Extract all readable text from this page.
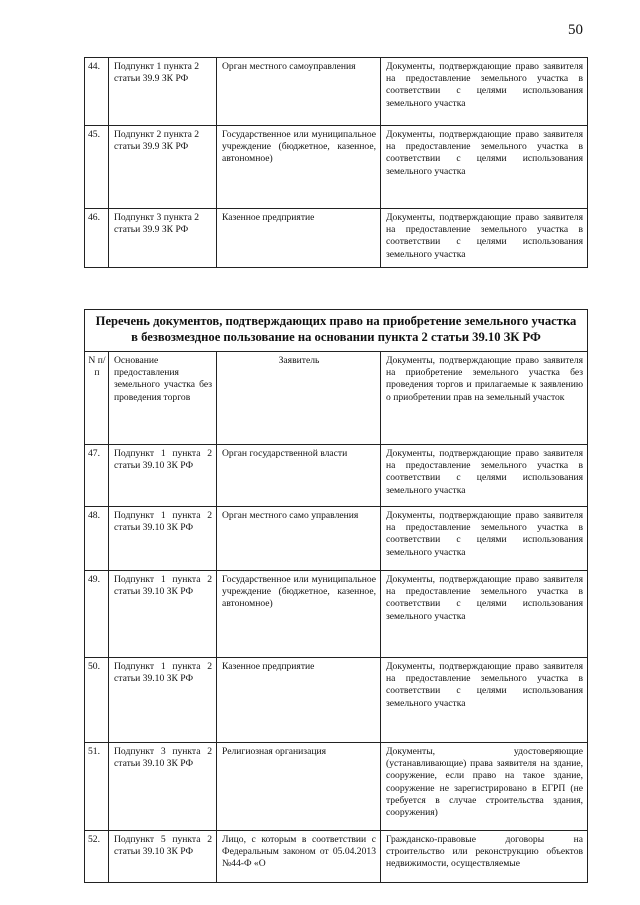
50
44.	Подпункт 1 пункта 2 статьи 39.9 ЗК РФ	Орган местного самоуправления	Документы, подтверждающие право заявителя на предоставление земельного участка в соответствии с целями использования земельного участка
45.	Подпункт 2 пункта 2 статьи 39.9 ЗК РФ	Государственное или муниципальное учреждение (бюджетное, казенное, автономное)	Документы, подтверждающие право заявителя на предоставление земельного участка в соответствии с целями использования земельного участка
46.	Подпункт 3 пункта 2 статьи 39.9 ЗК РФ	Казенное предприятие	Документы, подтверждающие право заявителя на предоставление земельного участка в соответствии с целями использования земельного участка
Перечень документов, подтверждающих право на приобретение земельного участка в безвозмездное пользование на основании пункта 2 статьи 39.10 ЗК РФ			
N п/п	Основание предоставления земельного участка без проведения торгов	Заявитель	Документы, подтверждающие право заявителя на приобретение земельного участка без проведения торгов и прилагаемые к заявлению о приобретении прав на земельный участок
47.	Подпункт 1 пункта 2 статьи 39.10 ЗК РФ	Орган государственной власти	Документы, подтверждающие право заявителя на предоставление земельного участка в соответствии с целями использования земельного участка
48.	Подпункт 1 пункта 2 статьи 39.10 ЗК РФ	Орган местного само управления	Документы, подтверждающие право заявителя на предоставление земельного участка в соответствии с целями использования земельного участка
49.	Подпункт 1 пункта 2 статьи 39.10 ЗК РФ	Государственное или муниципальное учреждение (бюджетное, казенное, автономное)	Документы, подтверждающие право заявителя на предоставление земельного участка в соответствии с целями использования земельного участка
50.	Подпункт 1 пункта 2 статьи 39.10 ЗК РФ	Казенное предприятие	Документы, подтверждающие право заявителя на предоставление земельного участка в соответствии с целями использования земельного участка
51.	Подпункт 3 пункта 2 статьи 39.10 ЗК РФ	Религиозная организация	Документы, удостоверяющие (устанавливающие) права заявителя на здание, сооружение, если право на такое здание, сооружение не зарегистрировано в ЕГРП (не требуется в случае строительства здания, сооружения)
52.	Подпункт 5 пункта 2 статьи 39.10 ЗК РФ	Лицо, с которым в соответствии с Федеральным законом от 05.04.2013 №44-Ф «О	Гражданско-правовые договоры на строительство или реконструкцию объектов недвижимости, осуществляемые
